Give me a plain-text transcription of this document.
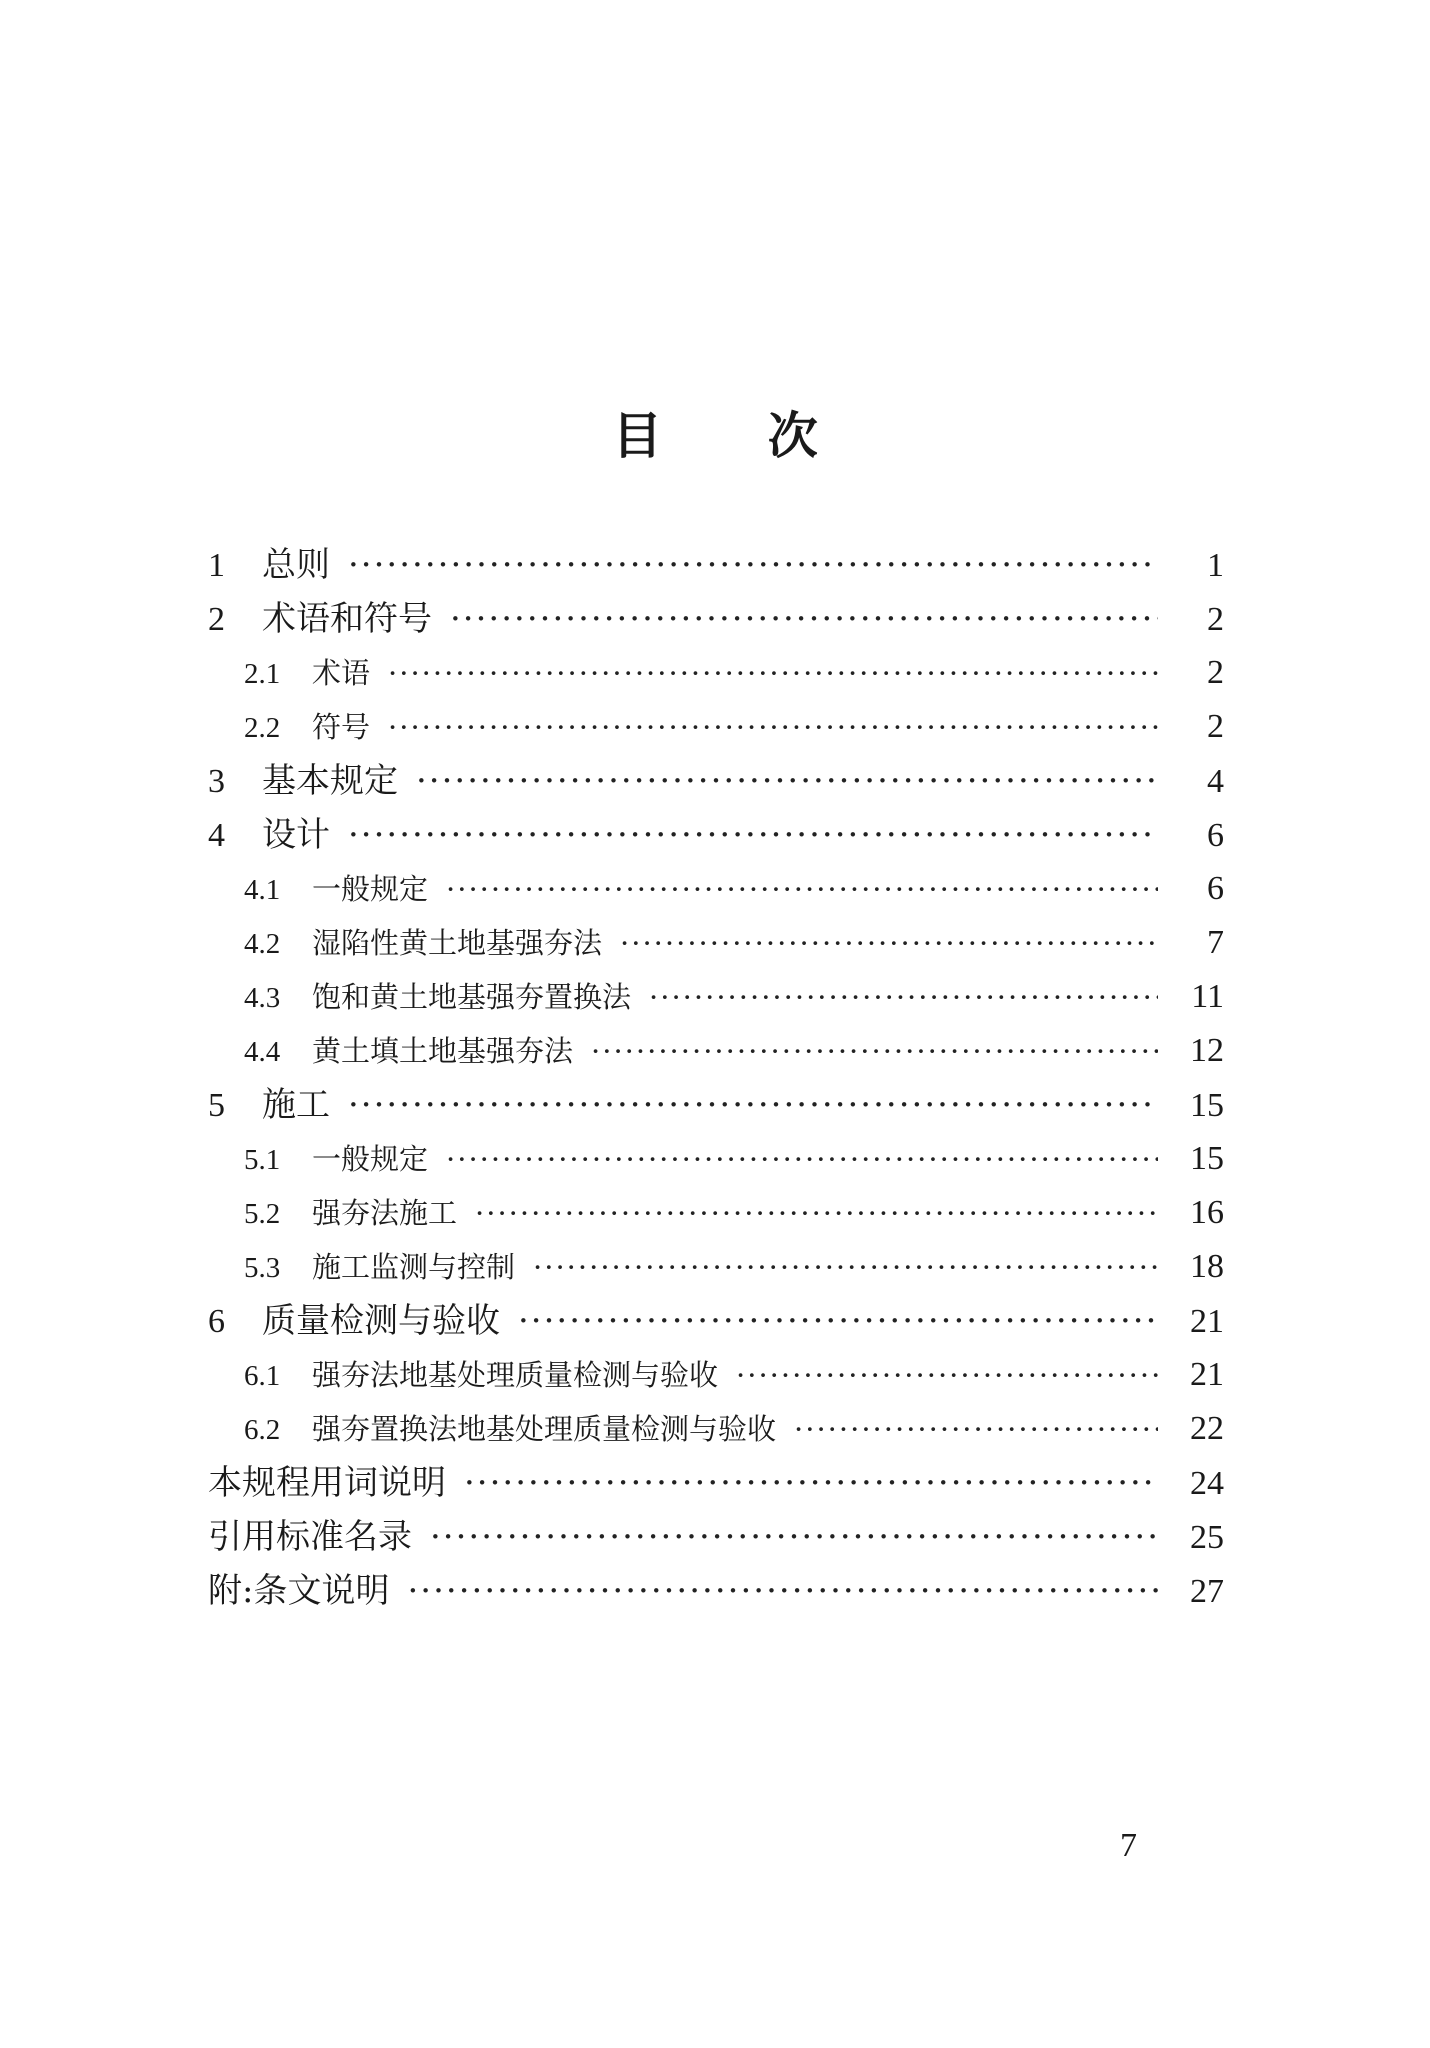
目 次
1	总则 ·····	1
2	术语和符号 ·····	2
2.1	术语 ·····	2
2.2	符号 ·····	2
3	基本规定 ·····	4
4	设计 ·····	6
4.1	一般规定 ·····	6
4.2	湿陷性黄土地基强夯法 ·····	7
4.3	饱和黄土地基强夯置换法 ·····	11
4.4	黄土填土地基强夯法 ·····	12
5	施工 ·····	15
5.1	一般规定 ·····	15
5.2	强夯法施工 ·····	16
5.3	施工监测与控制 ·····	18
6	质量检测与验收 ·····	21
6.1	强夯法地基处理质量检测与验收 ·····	21
6.2	强夯置换法地基处理质量检测与验收 ·····	22
本规程用词说明 ·····	24
引用标准名录 ·····	25
附:条文说明 ·····	27
7
